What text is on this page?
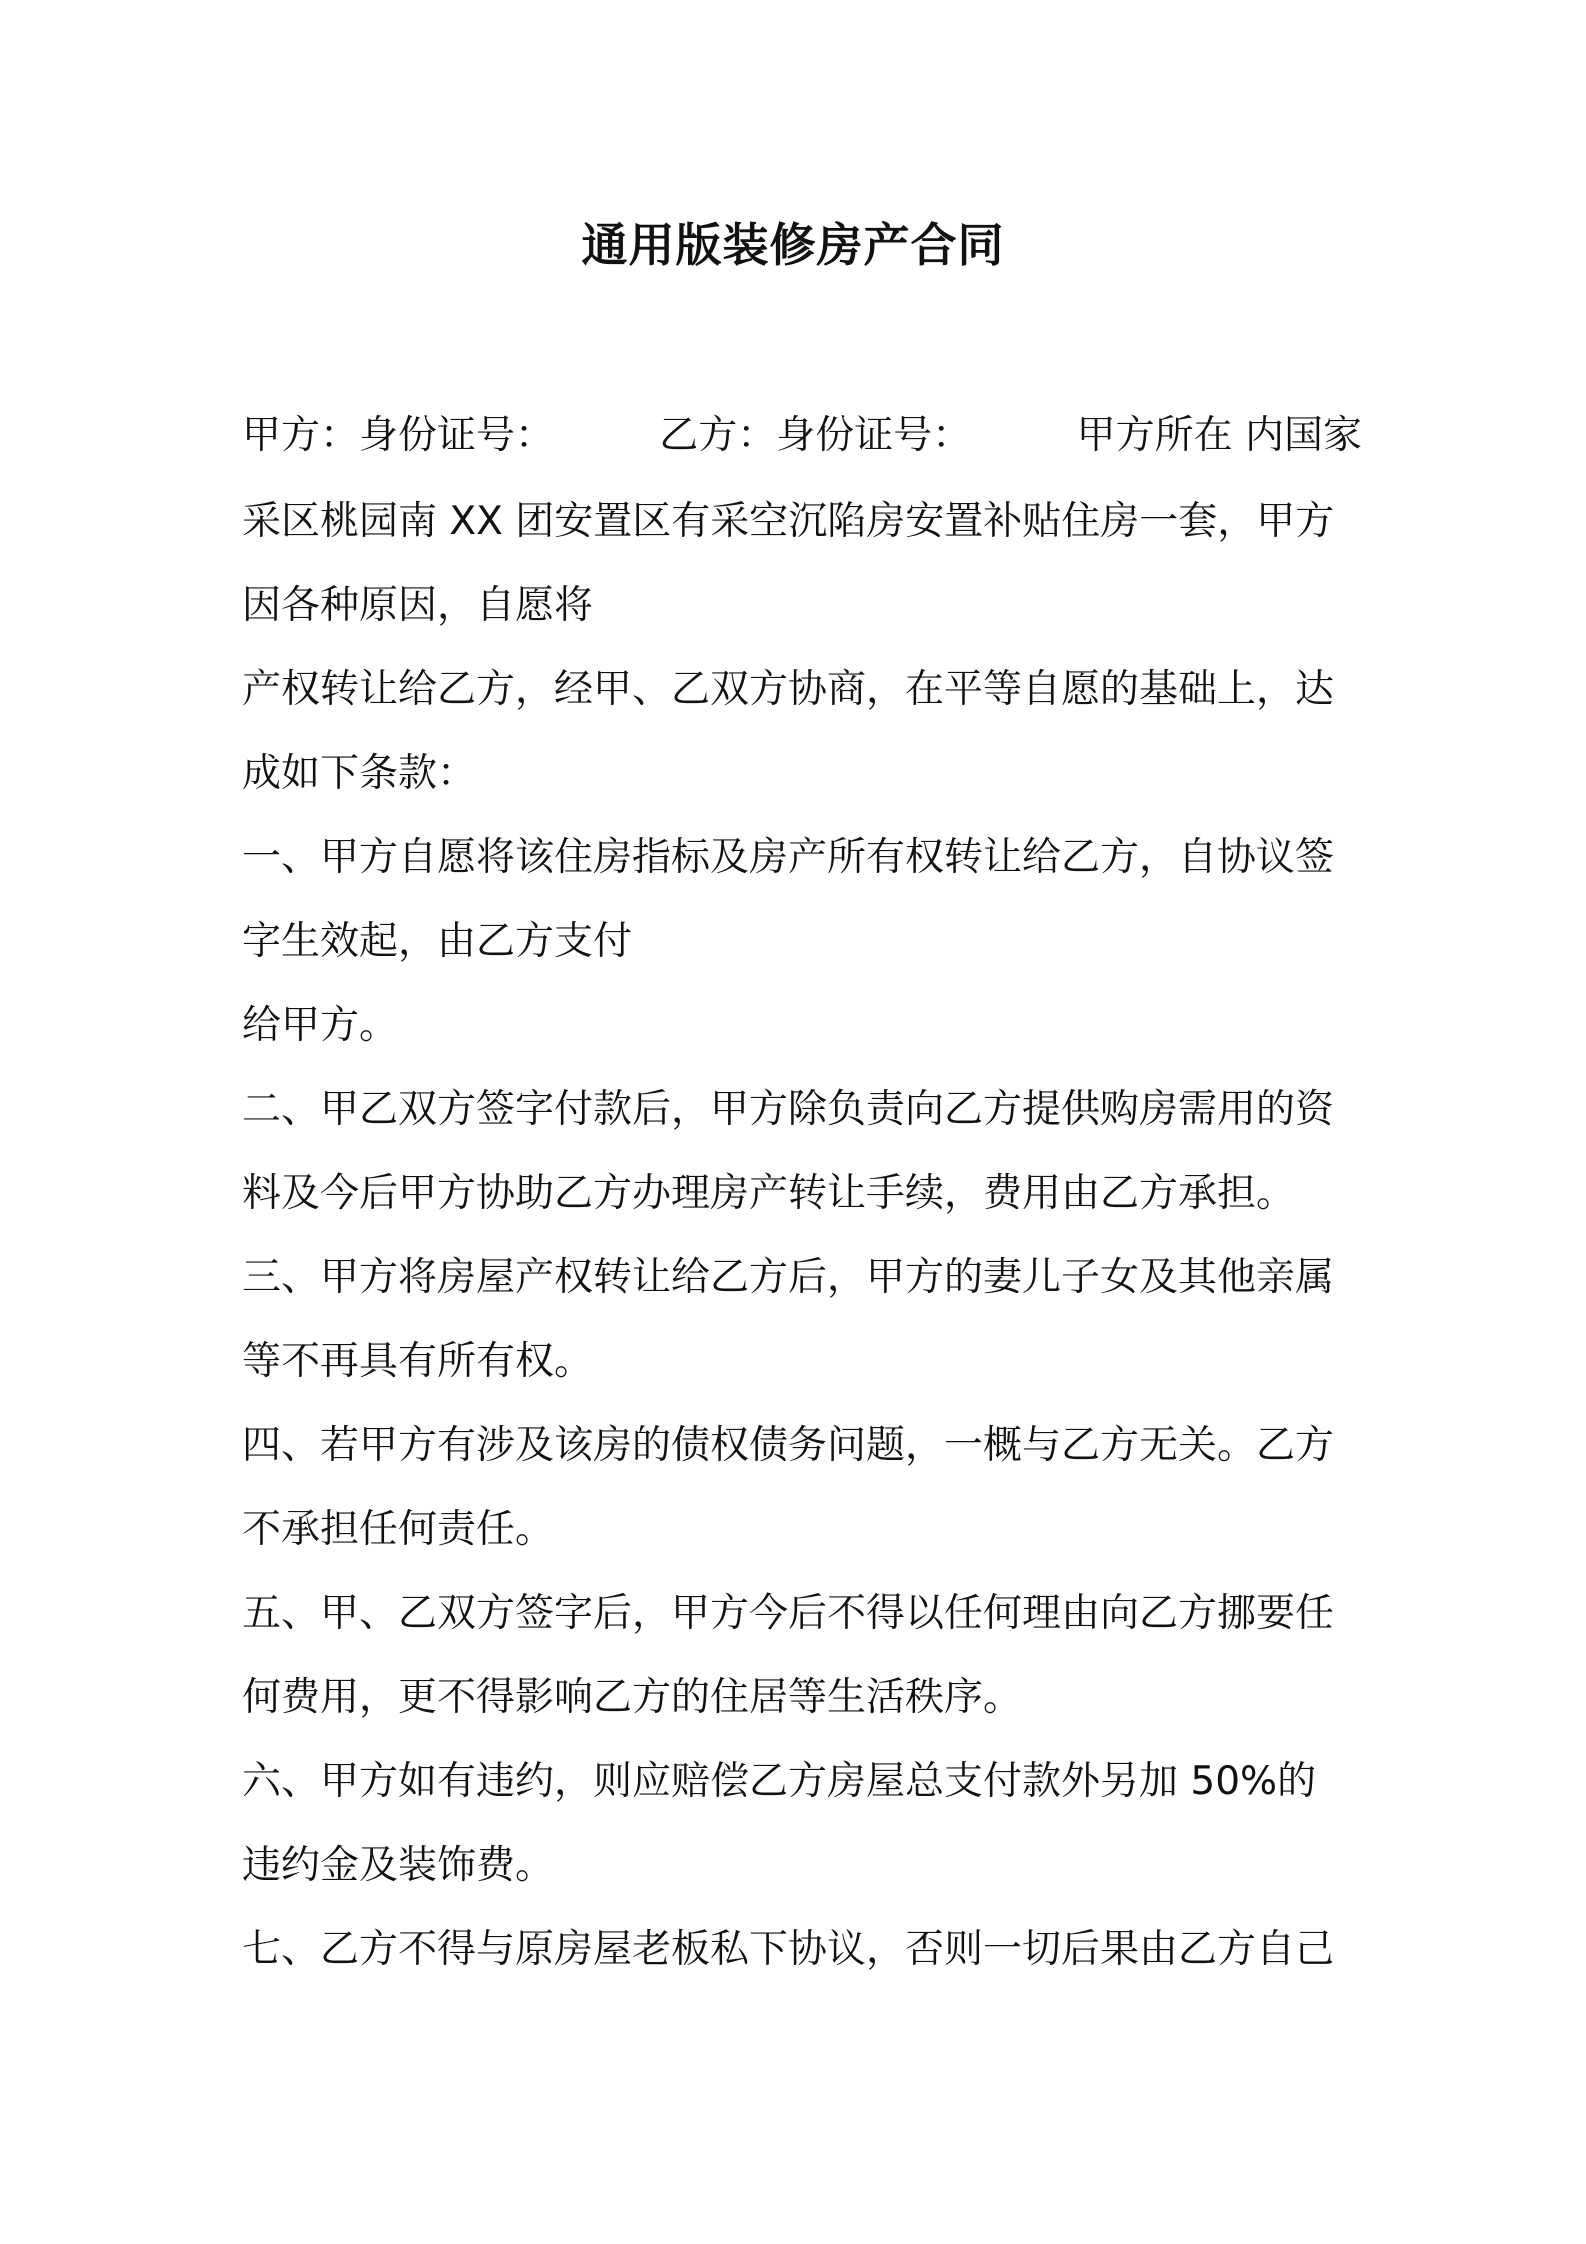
通用版装修房产合同
甲方：身份证号：	乙方：身份证号：	甲方所在 内国家
采区桃园南 XX 团安置区有采空沉陷房安置补贴住房一套，甲方
因各种原因，自愿将
产权转让给乙方，经甲、乙双方协商，在平等自愿的基础上，达
成如下条款：
一、甲方自愿将该住房指标及房产所有权转让给乙方，自协议签
字生效起，由乙方支付
给甲方。
二、甲乙双方签字付款后，甲方除负责向乙方提供购房需用的资
料及今后甲方协助乙方办理房产转让手续，费用由乙方承担。
三、甲方将房屋产权转让给乙方后，甲方的妻儿子女及其他亲属
等不再具有所有权。
四、若甲方有涉及该房的债权债务问题，一概与乙方无关。乙方
不承担任何责任。
五、甲、乙双方签字后，甲方今后不得以任何理由向乙方挪要任
何费用，更不得影响乙方的住居等生活秩序。
六、甲方如有违约，则应赔偿乙方房屋总支付款外另加 50%的
违约金及装饰费。
七、乙方不得与原房屋老板私下协议，否则一切后果由乙方自己
